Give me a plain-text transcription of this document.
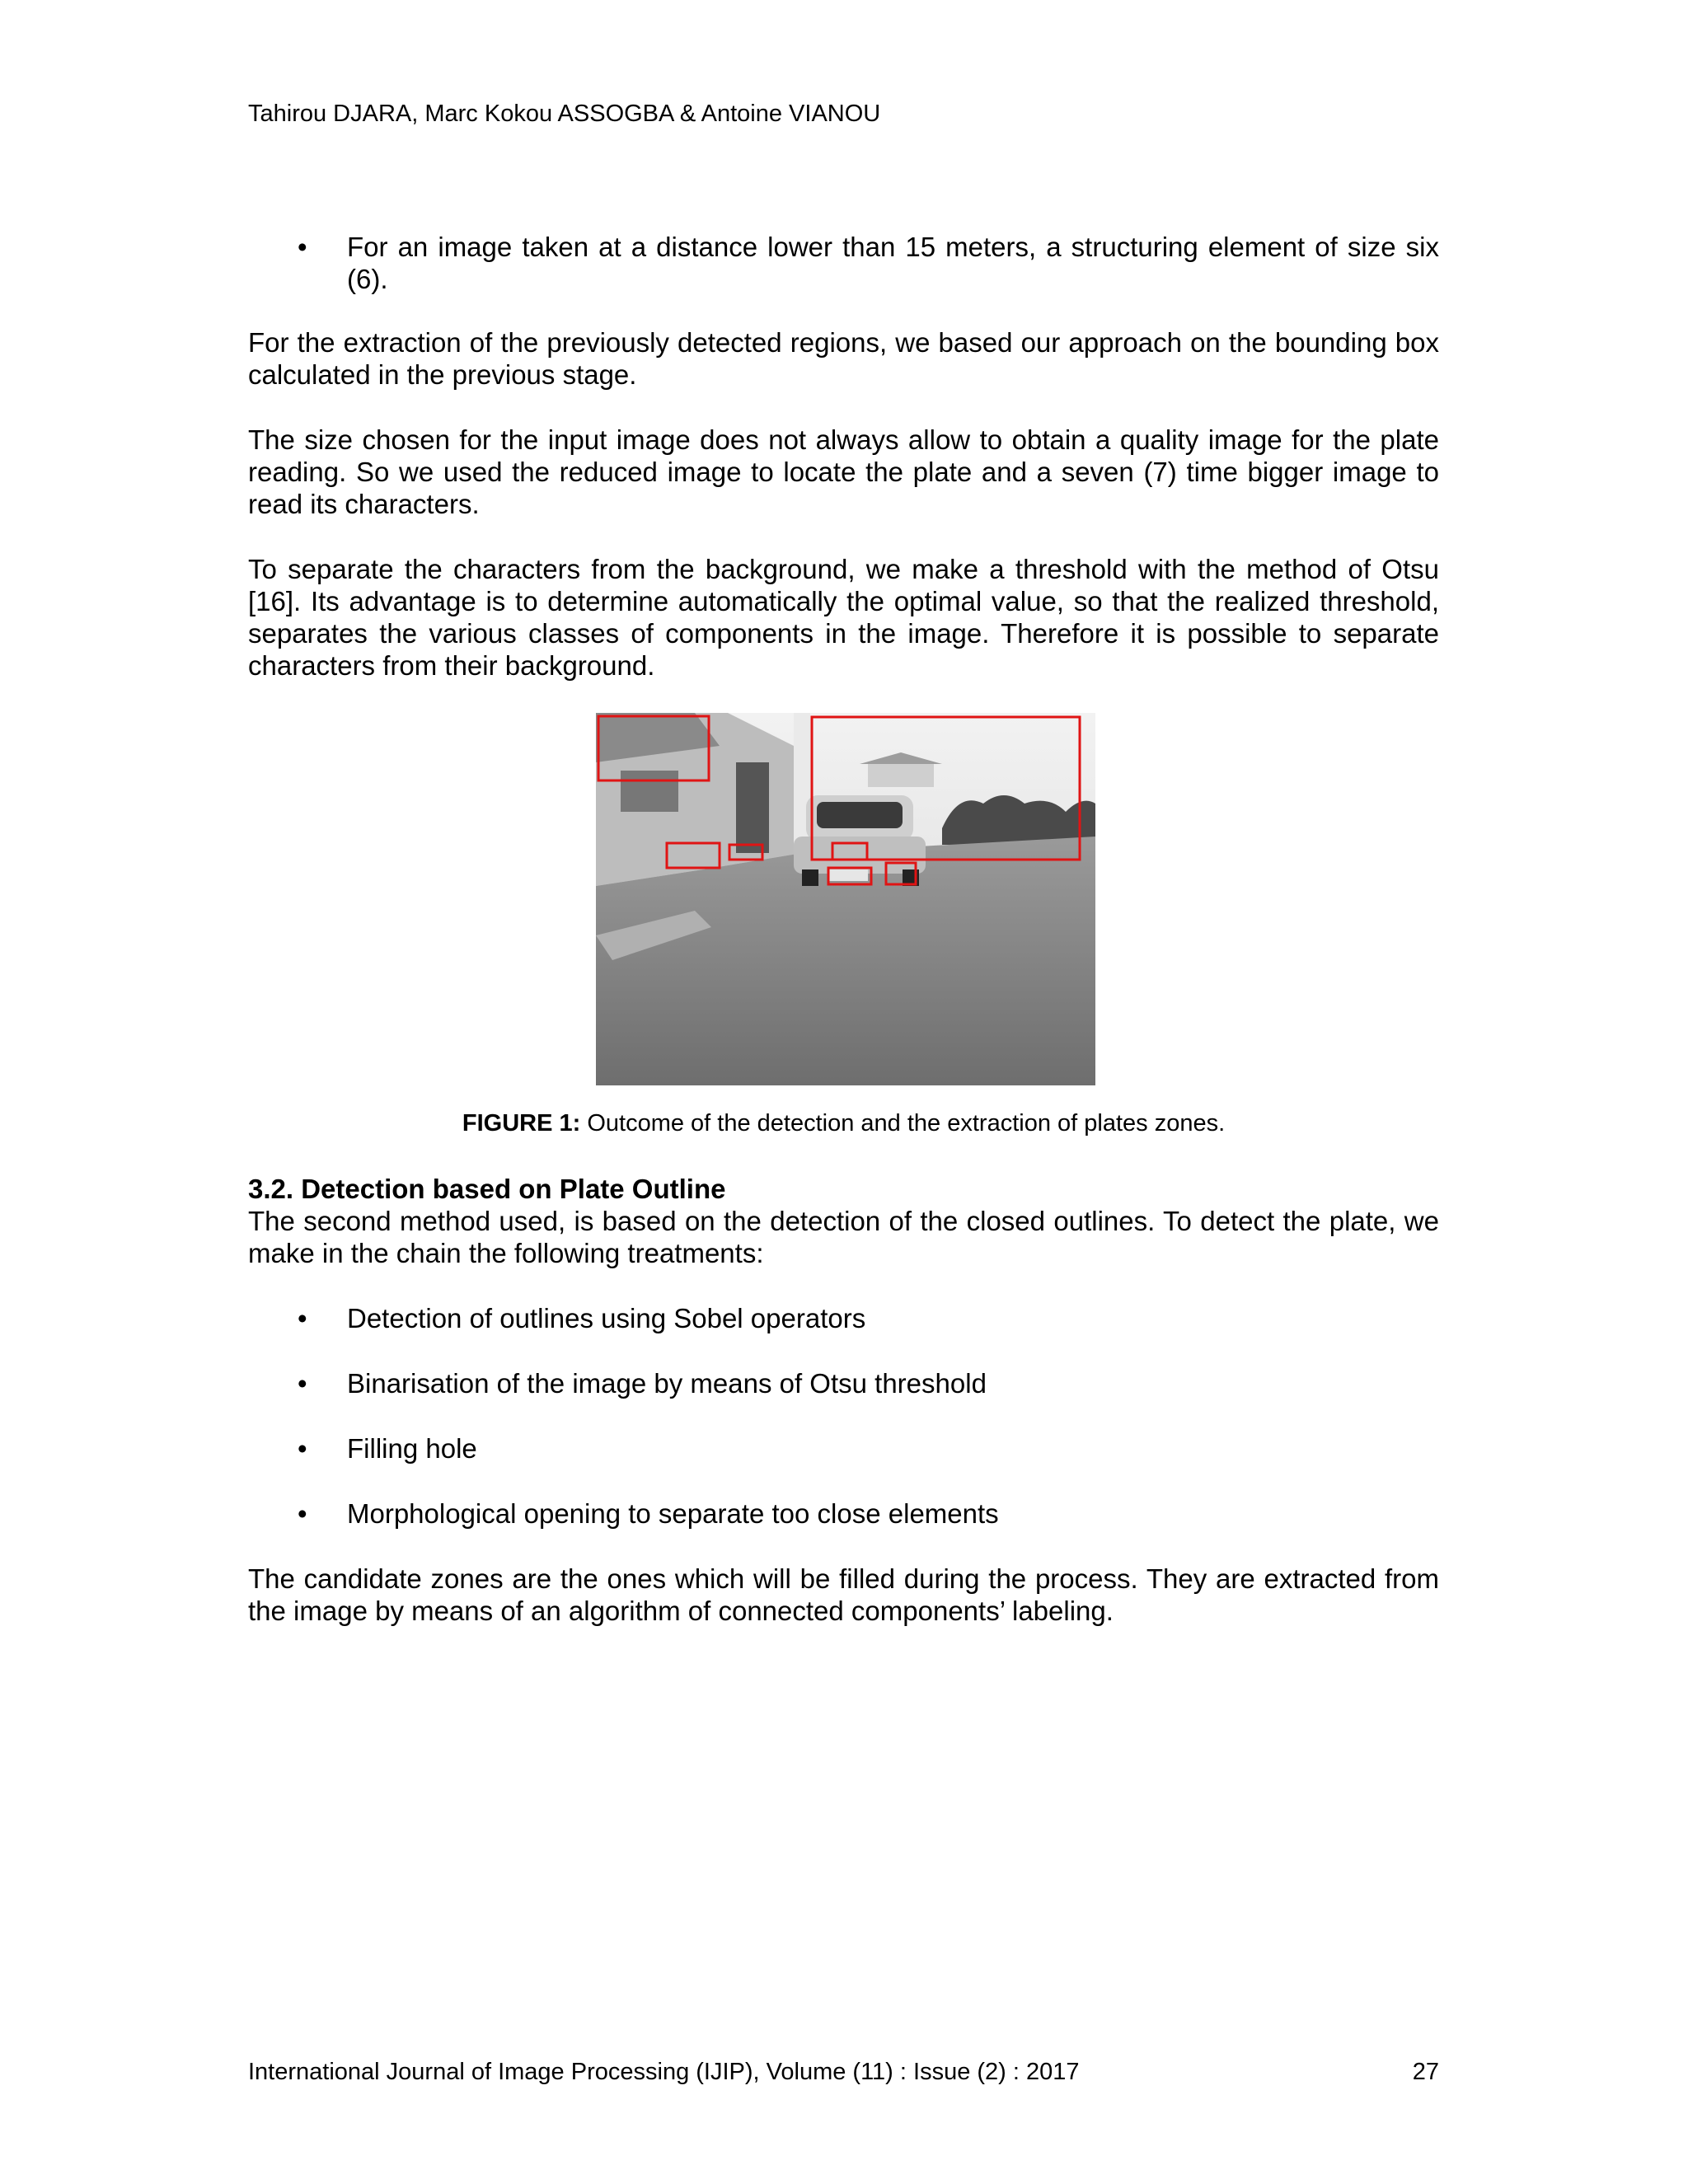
Tahirou DJARA, Marc Kokou ASSOGBA & Antoine VIANOU
• For an image taken at a distance lower than 15 meters, a structuring element of size six (6).

For the extraction of the previously detected regions, we based our approach on the bounding box calculated in the previous stage.

The size chosen for the input image does not always allow to obtain a quality image for the plate reading. So we used the reduced image to locate the plate and a seven (7) time bigger image to read its characters.

To separate the characters from the background, we make a threshold with the method of Otsu [16]. Its advantage is to determine automatically the optimal value, so that the realized threshold, separates the various classes of components in the image. Therefore it is possible to separate characters from their background.

FIGURE 1: Outcome of the detection and the extraction of plates zones.
3.2. Detection based on Plate Outline

The second method used, is based on the detection of the closed outlines. To detect the plate, we make in the chain the following treatments:

• Detection of outlines using Sobel operators
• Binarisation of the image by means of Otsu threshold
• Filling hole
• Morphological opening to separate too close elements

The candidate zones are the ones which will be filled during the process. They are extracted from the image by means of an algorithm of connected components’ labeling.

International Journal of Image Processing (IJIP), Volume (11) : Issue (2) : 2017	27
